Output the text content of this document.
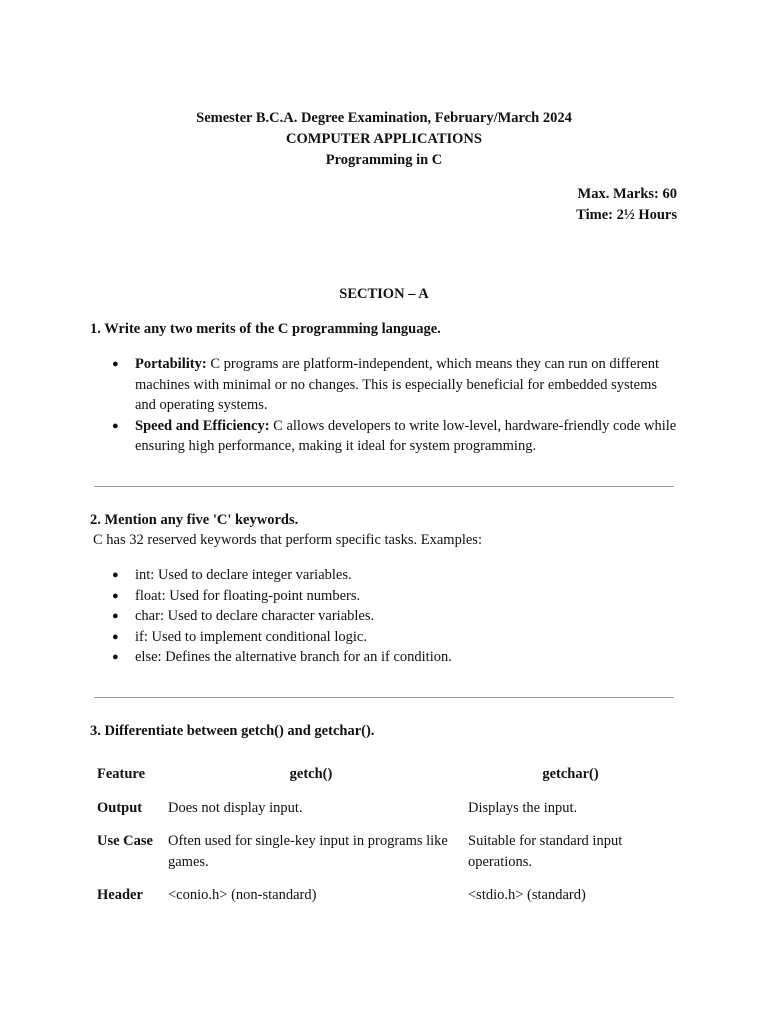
Semester B.C.A. Degree Examination, February/March 2024
COMPUTER APPLICATIONS
Programming in C
Max. Marks: 60
Time: 2½ Hours
SECTION – A
1. Write any two merits of the C programming language.
● Portability: C programs are platform-independent, which means they can run on different machines with minimal or no changes. This is especially beneficial for embedded systems and operating systems.
● Speed and Efficiency: C allows developers to write low-level, hardware-friendly code while ensuring high performance, making it ideal for system programming.
2. Mention any five 'C' keywords.
C has 32 reserved keywords that perform specific tasks. Examples:
● int: Used to declare integer variables.
● float: Used for floating-point numbers.
● char: Used to declare character variables.
● if: Used to implement conditional logic.
● else: Defines the alternative branch for an if condition.
3. Differentiate between getch() and getchar().
Feature	getch()	getchar()
Output	Does not display input.	Displays the input.
Use Case	Often used for single-key input in programs like games.	Suitable for standard input operations.
Header	<conio.h> (non-standard)	<stdio.h> (standard)
